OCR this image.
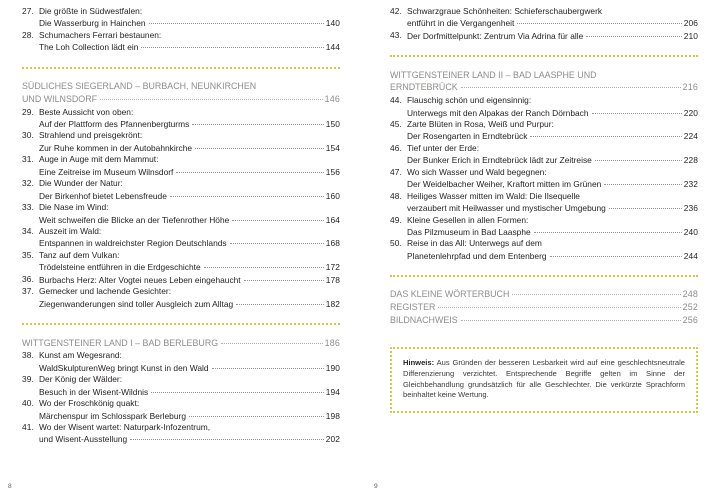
27. Die größte in Südwestfalen:
Die Wasserburg in Hainchen	140
28. Schumachers Ferrari bestaunen:
The Loh Collection lädt ein	144
SÜDLICHES SIEGERLAND – BURBACH, NEUNKIRCHEN
UND WILNSDORF	146
29. Beste Aussicht von oben:
Auf der Plattform des Pfannenbergturms	150
30. Strahlend und preisgekrönt:
Zur Ruhe kommen in der Autobahnkirche	154
31. Auge in Auge mit dem Mammut:
Eine Zeitreise im Museum Wilnsdorf	156
32. Die Wunder der Natur:
Der Birkenhof bietet Lebensfreude	160
33. Die Nase im Wind:
Weit schweifen die Blicke an der Tiefenrother Höhe	164
34. Auszeit im Wald:
Entspannen in waldreichster Region Deutschlands	168
35. Tanz auf dem Vulkan:
Trödelsteine entführen in die Erdgeschichte	172
36. Burbachs Herz: Alter Vogtei neues Leben eingehaucht	178
37. Gemecker und lachende Gesichter:
Ziegenwanderungen sind toller Ausgleich zum Alltag	182
WITTGENSTEINER LAND I – BAD BERLEBURG	186
38. Kunst am Wegesrand:
WaldSkulpturenWeg bringt Kunst in den Wald	190
39. Der König der Wälder:
Besuch in der Wisent-Wildnis	194
40. Wo der Froschkönig quakt:
Märchenspur im Schlosspark Berleburg	198
41. Wo der Wisent wartet: Naturpark-Infozentrum,
und Wisent-Ausstellung	202
8
42. Schwarzgraue Schönheiten: Schieferschaubergwerk
entführt in die Vergangenheit	206
43. Der Dorfmittelpunkt: Zentrum Via Adrina für alle	210
WITTGENSTEINER LAND II – BAD LAASPHE UND
ERNDTEBRÜCK	216
44. Flauschig schön und eigensinnig:
Unterwegs mit den Alpakas der Ranch Dörnbach	220
45. Zarte Blüten in Rosa, Weiß und Purpur:
Der Rosengarten in Erndtebrück	224
46. Tief unter der Erde:
Der Bunker Erich in Erndtebrück lädt zur Zeitreise	228
47. Wo sich Wasser und Wald begegnen:
Der Weidelbacher Weiher, Kraftort mitten im Grünen	232
48. Heiliges Wasser mitten im Wald: Die Ilsequelle
verzaubert mit Heilwasser und mystischer Umgebung	236
49. Kleine Gesellen in allen Formen:
Das Pilzmuseum in Bad Laasphe	240
50. Reise in das All: Unterwegs auf dem
Planetenlehrpfad und dem Entenberg	244
DAS KLEINE WÖRTERBUCH	248
REGISTER	252
BILDNACHWEIS	256

Hinweis: Aus Gründen der besseren Lesbarkeit wird auf eine geschlechtsneutrale Differenzierung verzichtet. Entsprechende Begriffe gelten im Sinne der Gleichbehandlung grundsätzlich für alle Geschlechter. Die verkürzte Sprachform beinhaltet keine Wertung.

9
